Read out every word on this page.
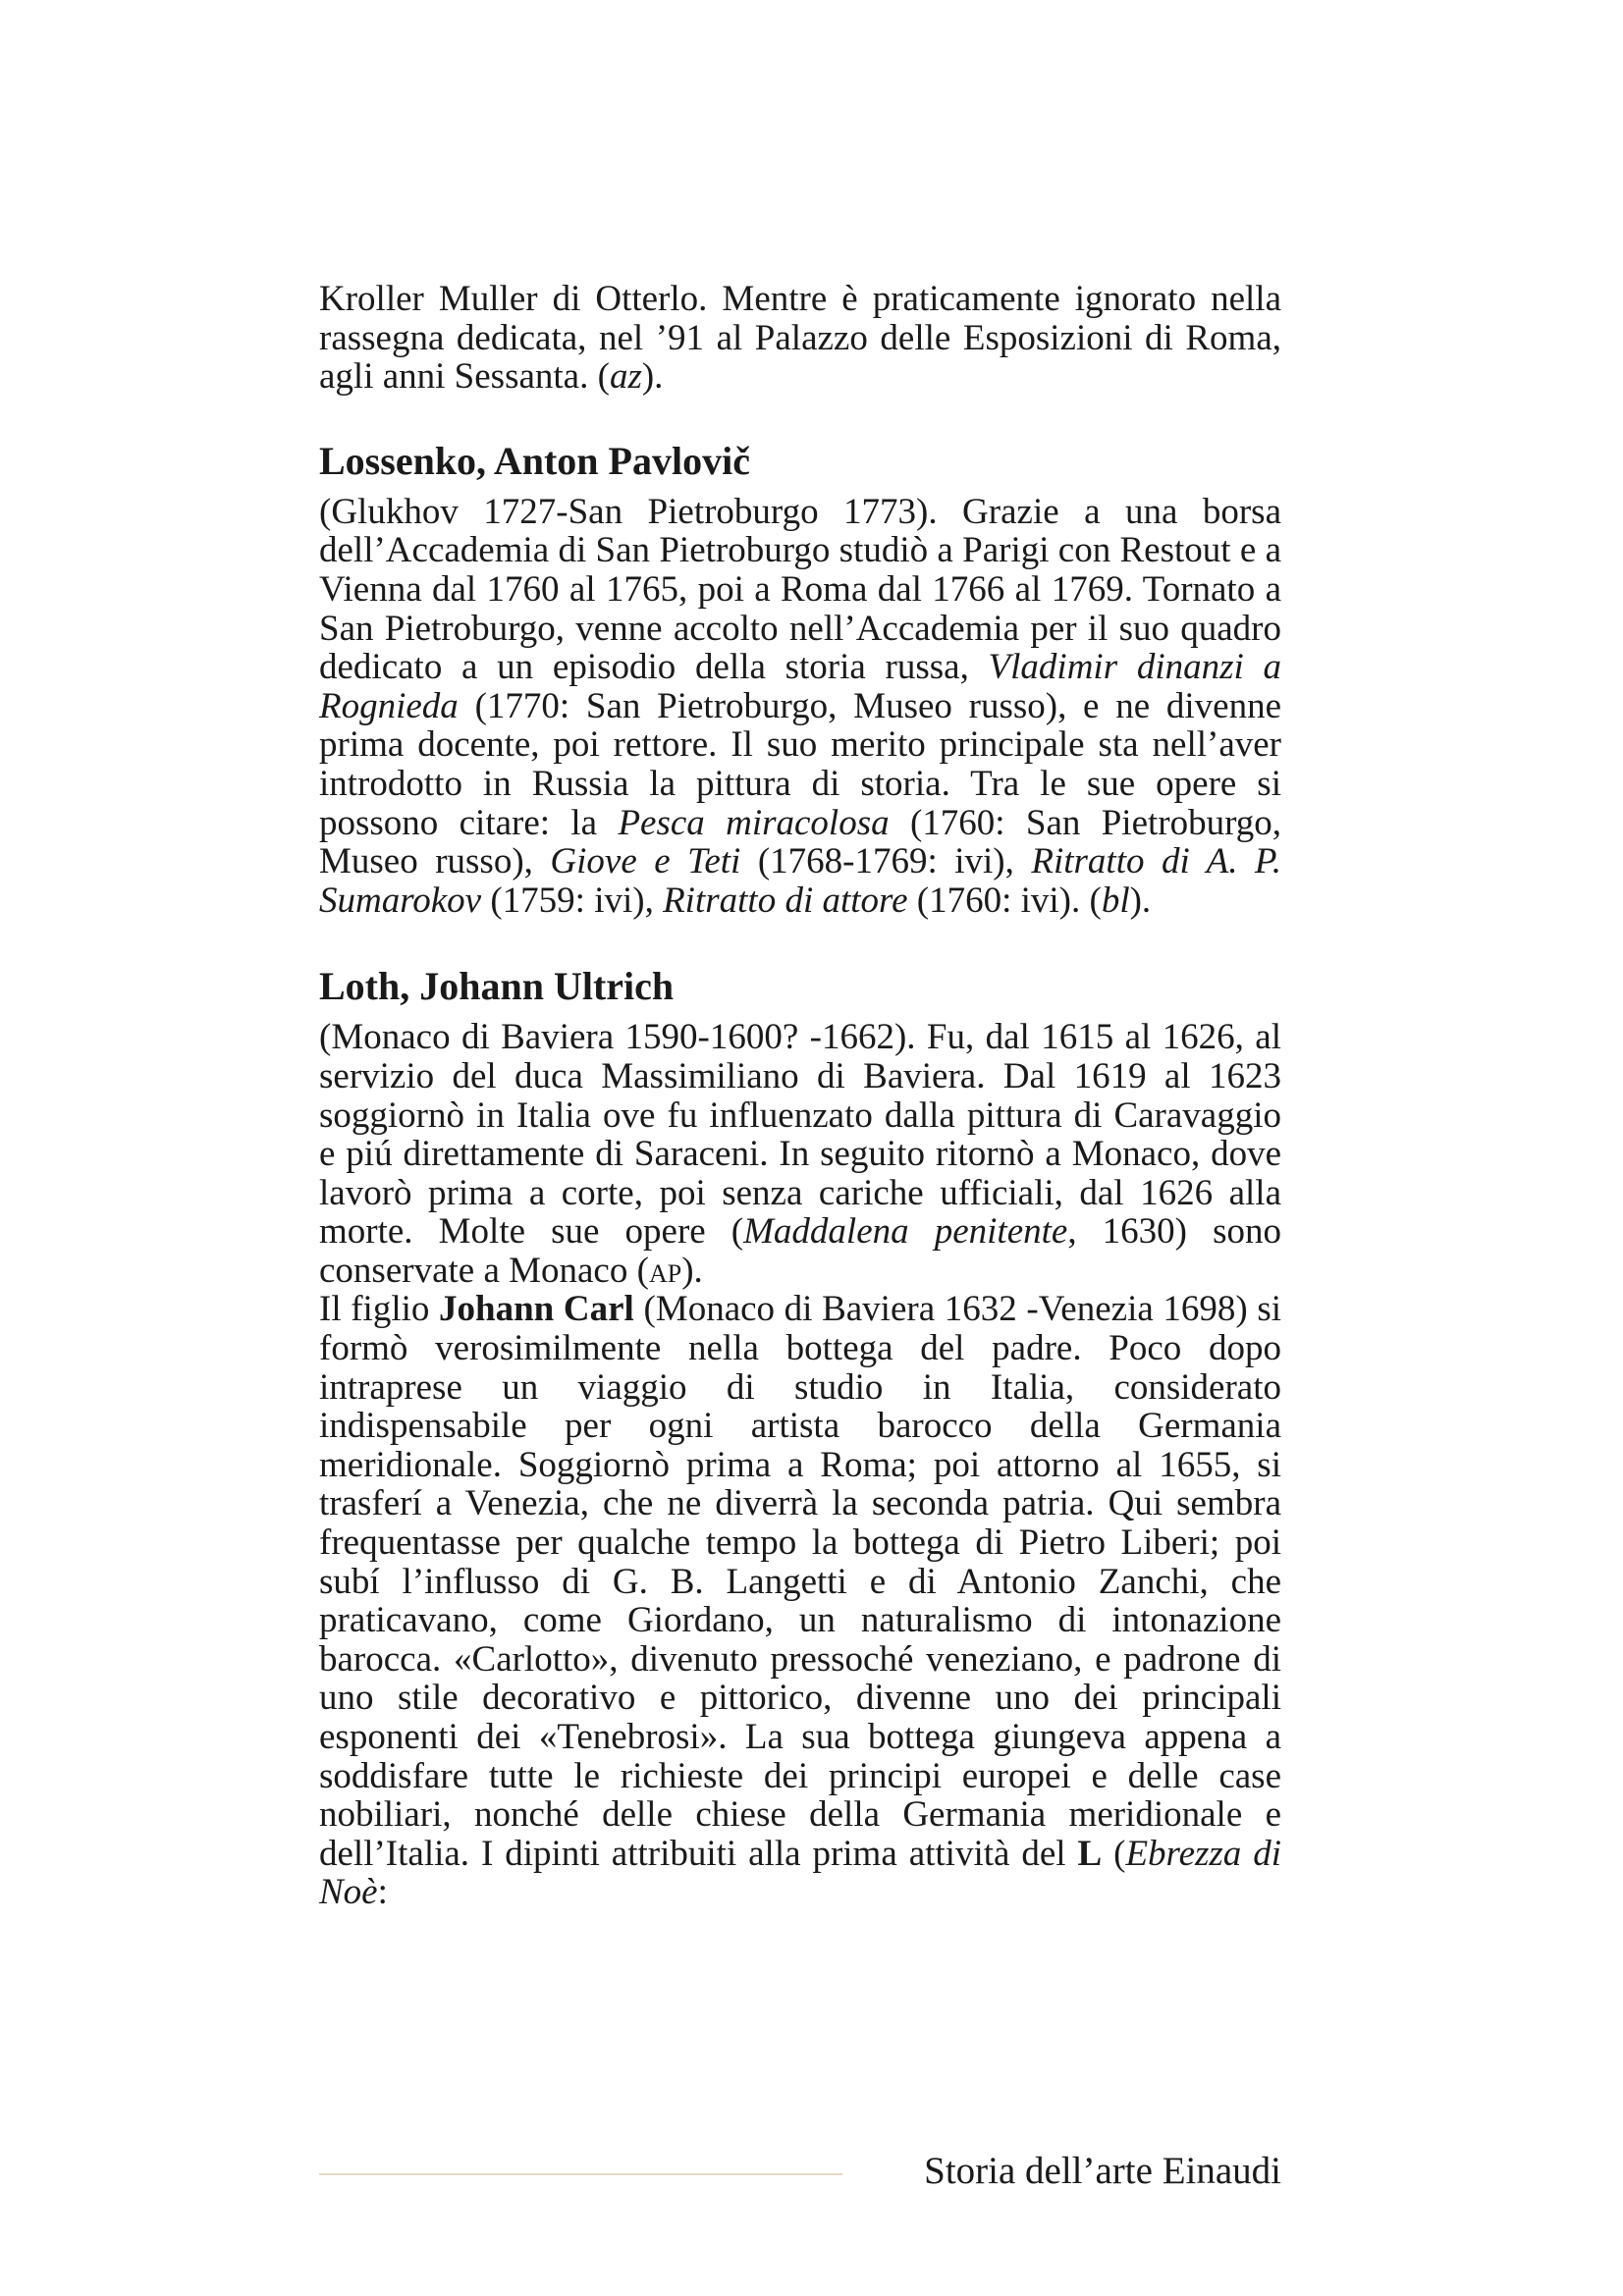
Kroller Muller di Otterlo. Mentre è praticamente ignorato nella rassegna dedicata, nel ’91 al Palazzo delle Esposizioni di Roma, agli anni Sessanta. (az).

Lossenko, Anton Pavlovič

(Glukhov 1727-San Pietroburgo 1773). Grazie a una borsa dell’Accademia di San Pietroburgo studiò a Parigi con Restout e a Vienna dal 1760 al 1765, poi a Roma dal 1766 al 1769. Tornato a San Pietroburgo, venne accolto nell’Accademia per il suo quadro dedicato a un episodio della storia russa, Vladimir dinanzi a Rognieda (1770: San Pietroburgo, Museo russo), e ne divenne prima docente, poi rettore. Il suo merito principale sta nell’aver introdotto in Russia la pittura di storia. Tra le sue opere si possono citare: la Pesca miracolosa (1760: San Pietroburgo, Museo russo), Giove e Teti (1768-1769: ivi), Ritratto di A. P. Sumarokov (1759: ivi), Ritratto di attore (1760: ivi). (bl).

Loth, Johann Ultrich

(Monaco di Baviera 1590-1600? -1662). Fu, dal 1615 al 1626, al servizio del duca Massimiliano di Baviera. Dal 1619 al 1623 soggiornò in Italia ove fu influenzato dalla pittura di Caravaggio e piú direttamente di Saraceni. In seguito ritornò a Monaco, dove lavorò prima a corte, poi senza cariche ufficiali, dal 1626 alla morte. Molte sue opere (Maddalena penitente, 1630) sono conservate a Monaco (ap).

Il figlio Johann Carl (Monaco di Baviera 1632 -Venezia 1698) si formò verosimilmente nella bottega del padre. Poco dopo intraprese un viaggio di studio in Italia, considerato indispensabile per ogni artista barocco della Germania meridionale. Soggiornò prima a Roma; poi attorno al 1655, si trasferí a Venezia, che ne diverrà la seconda patria. Qui sembra frequentasse per qualche tempo la bottega di Pietro Liberi; poi subí l’influsso di G. B. Langetti e di Antonio Zanchi, che praticavano, come Giordano, un naturalismo di intonazione barocca. «Carlotto», divenuto pressoché veneziano, e padrone di uno stile decorativo e pittorico, divenne uno dei principali esponenti dei «Tenebrosi». La sua bottega giungeva appena a soddisfare tutte le richieste dei principi europei e delle case nobiliari, nonché delle chiese della Germania meridionale e dell’Italia. I dipinti attribuiti alla prima attività del L (Ebrezza di Noè:

Storia dell’arte Einaudi
